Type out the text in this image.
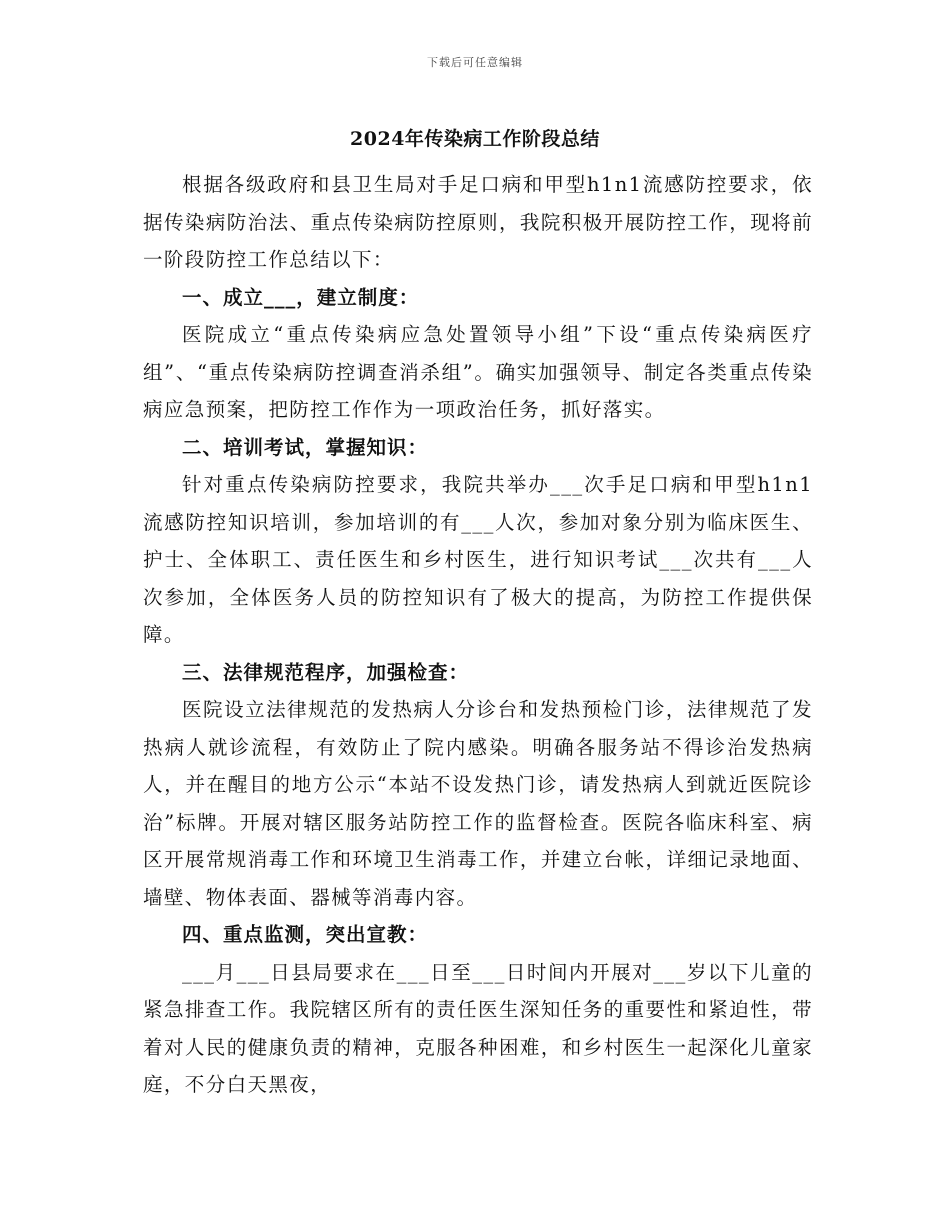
下载后可任意编辑
2024年传染病工作阶段总结

根据各级政府和县卫生局对手足口病和甲型h1n1流感防控要求，依据传染病防治法、重点传染病防控原则，我院积极开展防控工作，现将前一阶段防控工作总结以下：

一、成立___，建立制度：

医院成立“重点传染病应急处置领导小组”下设“重点传染病医疗组”、“重点传染病防控调查消杀组”。确实加强领导、制定各类重点传染病应急预案，把防控工作作为一项政治任务，抓好落实。

二、培训考试，掌握知识：

针对重点传染病防控要求，我院共举办___次手足口病和甲型h1n1流感防控知识培训，参加培训的有___人次，参加对象分别为临床医生、护士、全体职工、责任医生和乡村医生，进行知识考试___次共有___人次参加，全体医务人员的防控知识有了极大的提高，为防控工作提供保障。

三、法律规范程序，加强检查：

医院设立法律规范的发热病人分诊台和发热预检门诊，法律规范了发热病人就诊流程，有效防止了院内感染。明确各服务站不得诊治发热病人，并在醒目的地方公示“本站不设发热门诊，请发热病人到就近医院诊治”标牌。开展对辖区服务站防控工作的监督检查。医院各临床科室、病区开展常规消毒工作和环境卫生消毒工作，并建立台帐，详细记录地面、墙壁、物体表面、器械等消毒内容。

四、重点监测，突出宣教：

___月___日县局要求在___日至___日时间内开展对___岁以下儿童的紧急排查工作。我院辖区所有的责任医生深知任务的重要性和紧迫性，带着对人民的健康负责的精神，克服各种困难，和乡村医生一起深化儿童家庭，不分白天黑夜，
